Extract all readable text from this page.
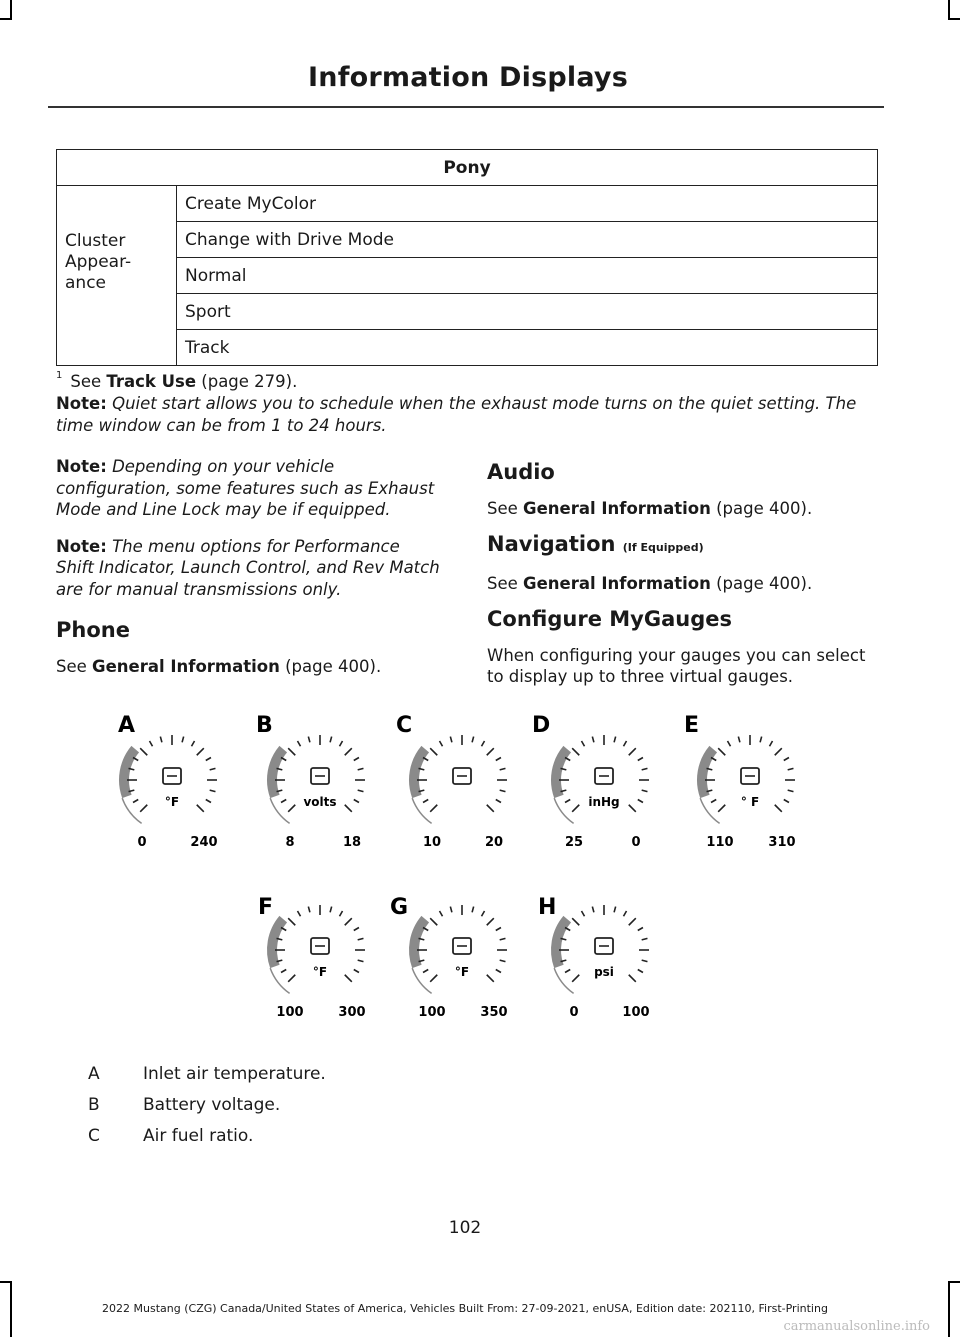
Information Displays
Pony

Cluster Appear- ance
	Create MyColor
Change with Drive Mode
Normal
Sport
Track
$^1$ See Track Use (page 279).
Note: Quiet start allows you to schedule when the exhaust mode turns on the quiet setting. The time window can be from 1 to 24 hours.

Note: Depending on your vehicle configuration, some features such as Exhaust Mode and Line Lock may be if equipped.

Note: The menu options for Performance Shift Indicator, Launch Control, and Rev Match are for manual transmissions only.

Phone

See General Information (page 400).

Audio

See General Information (page 400).

Navigation (If Equipped)

See General Information (page 400).

Configure MyGauges

When configuring your gauges you can select to display up to three virtual gauges.

A
°F
0	240
B
volts
8	18
C
10	20
D
inHg
25	0
E
° F
110	310
F
°F
100	300
G
°F
100	350
H
psi
0	100
A	Inlet air temperature.
B	Battery voltage.
C	Air fuel ratio.
102
2022 Mustang (CZG) Canada/United States of America, Vehicles Built From: 27-09-2021, enUSA, Edition date: 202110, First-Printing
carmanualsonline.info
